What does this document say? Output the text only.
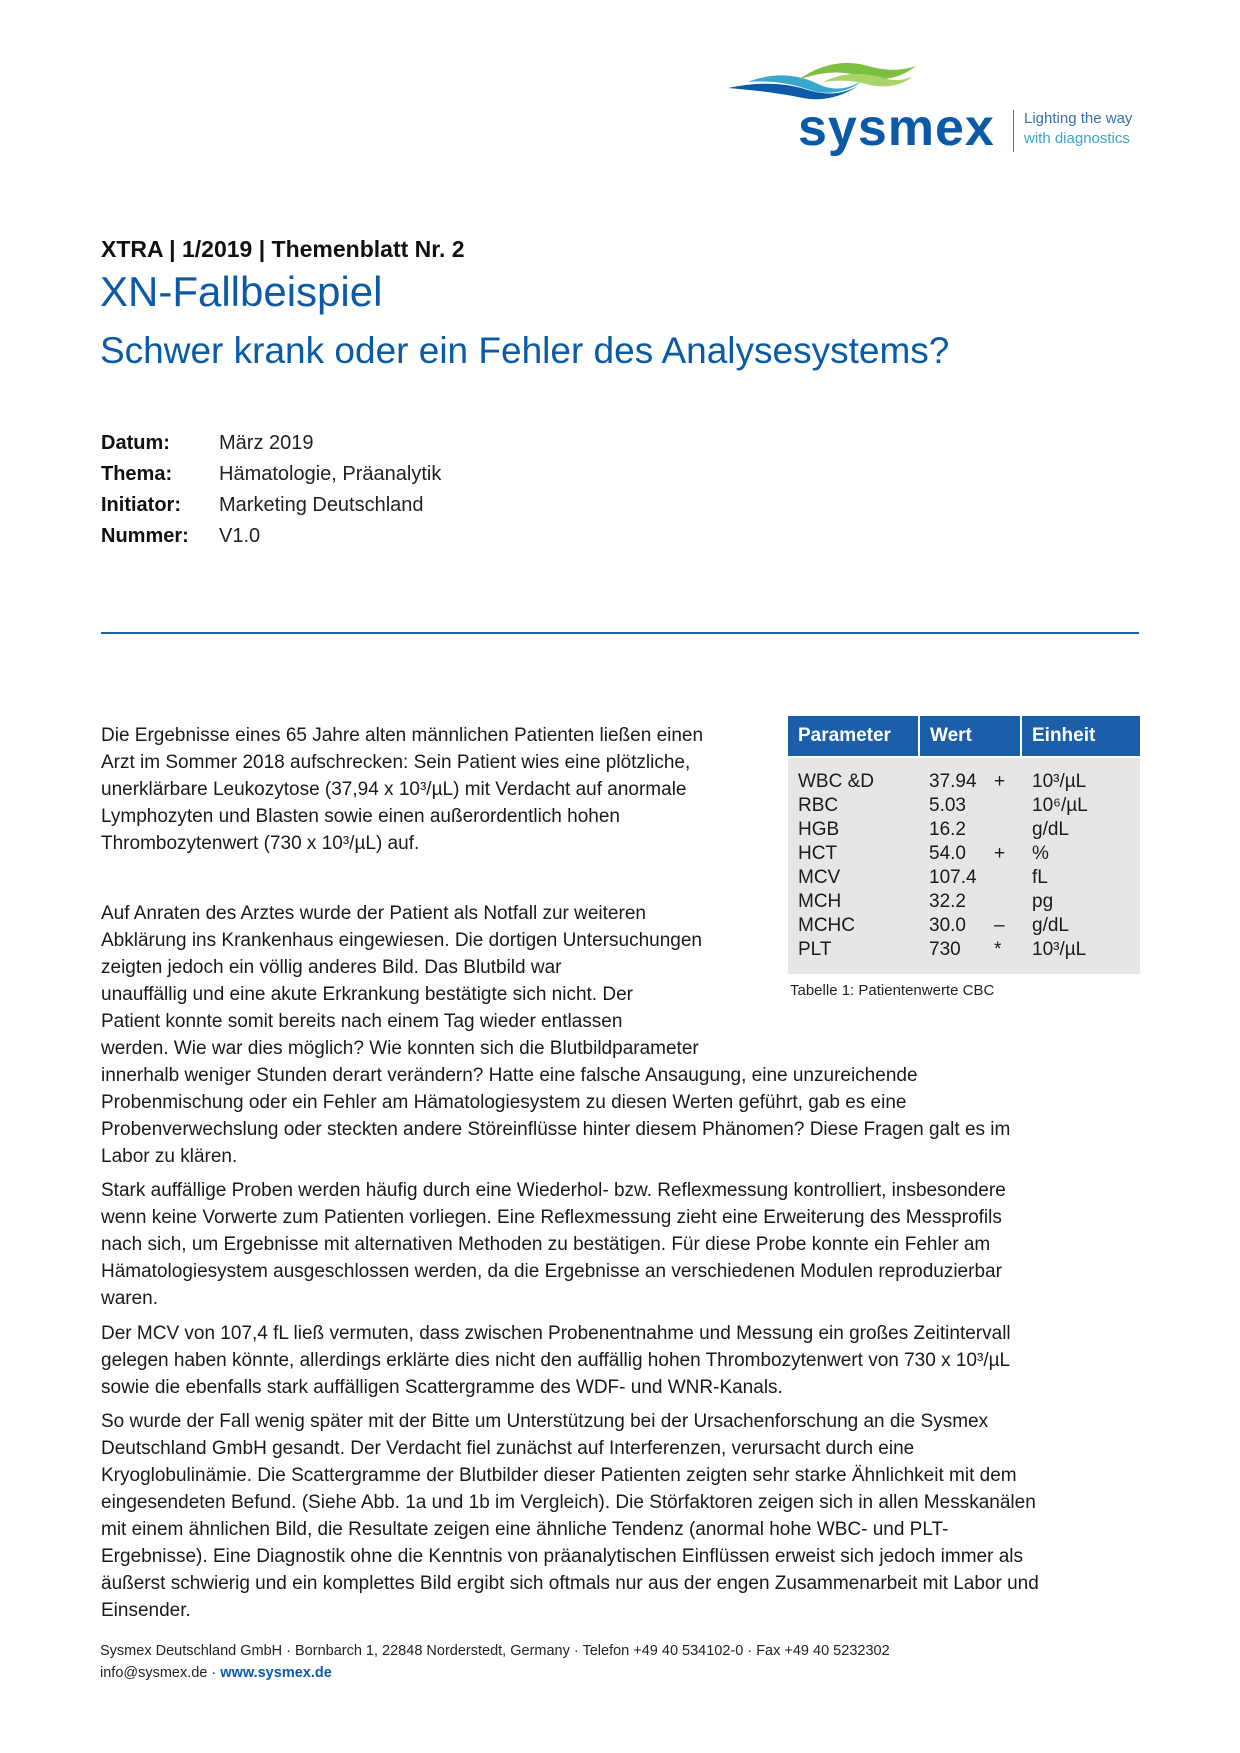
sysmex Lighting the way
with diagnostics
XTRA | 1/2019 | Themenblatt Nr. 2
XN-Fallbeispiel
Schwer krank oder ein Fehler des Analysesystems?
Datum: März 2019
Thema: Hämatologie, Präanalytik
Initiator: Marketing Deutschland
Nummer: V1.0
Die Ergebnisse eines 65 Jahre alten männlichen Patienten ließen einen
Arzt im Sommer 2018 aufschrecken: Sein Patient wies eine plötzliche,
unerklärbare Leukozytose (37,94 x 10³/µL) mit Verdacht auf anormale
Lymphozyten und Blasten sowie einen außerordentlich hohen
Thrombozytenwert (730 x 10³/µL) auf.
Parameter	Wert	Einheit
WBC &D	37.94 + 10³/µL
RBC	5.03	10⁶/µL
HGB	16.2	g/dL
HCT	54.0 + %
MCV	107.4	fL
MCH	32.2	pg
MCHC	30.0 – g/dL
PLT	730 * 10³/µL
Tabelle 1: Patientenwerte CBC
Auf Anraten des Arztes wurde der Patient als Notfall zur weiteren
Abklärung ins Krankenhaus eingewiesen. Die dortigen Untersuchungen
zeigten jedoch ein völlig anderes Bild. Das Blutbild war
unauffällig und eine akute Erkrankung bestätigte sich nicht. Der
Patient konnte somit bereits nach einem Tag wieder entlassen
werden. Wie war dies möglich? Wie konnten sich die Blutbildparameter
innerhalb weniger Stunden derart verändern? Hatte eine falsche Ansaugung, eine unzureichende
Probenmischung oder ein Fehler am Hämatologiesystem zu diesen Werten geführt, gab es eine
Probenverwechslung oder steckten andere Störeinflüsse hinter diesem Phänomen? Diese Fragen galt es im
Labor zu klären.
Stark auffällige Proben werden häufig durch eine Wiederhol- bzw. Reflexmessung kontrolliert, insbesondere
wenn keine Vorwerte zum Patienten vorliegen. Eine Reflexmessung zieht eine Erweiterung des Messprofils
nach sich, um Ergebnisse mit alternativen Methoden zu bestätigen. Für diese Probe konnte ein Fehler am
Hämatologiesystem ausgeschlossen werden, da die Ergebnisse an verschiedenen Modulen reproduzierbar
waren.
Der MCV von 107,4 fL ließ vermuten, dass zwischen Probenentnahme und Messung ein großes Zeitintervall
gelegen haben könnte, allerdings erklärte dies nicht den auffällig hohen Thrombozytenwert von 730 x 10³/µL
sowie die ebenfalls stark auffälligen Scattergramme des WDF- und WNR-Kanals.
So wurde der Fall wenig später mit der Bitte um Unterstützung bei der Ursachenforschung an die Sysmex
Deutschland GmbH gesandt. Der Verdacht fiel zunächst auf Interferenzen, verursacht durch eine
Kryoglobulinämie. Die Scattergramme der Blutbilder dieser Patienten zeigten sehr starke Ähnlichkeit mit dem
eingesendeten Befund. (Siehe Abb. 1a und 1b im Vergleich). Die Störfaktoren zeigen sich in allen Messkanälen
mit einem ähnlichen Bild, die Resultate zeigen eine ähnliche Tendenz (anormal hohe WBC- und PLT-
Ergebnisse). Eine Diagnostik ohne die Kenntnis von präanalytischen Einflüssen erweist sich jedoch immer als
äußerst schwierig und ein komplettes Bild ergibt sich oftmals nur aus der engen Zusammenarbeit mit Labor und
Einsender.
Sysmex Deutschland GmbH · Bornbarch 1, 22848 Norderstedt, Germany · Telefon +49 40 534102-0 · Fax +49 40 5232302
info@sysmex.de · www.sysmex.de
